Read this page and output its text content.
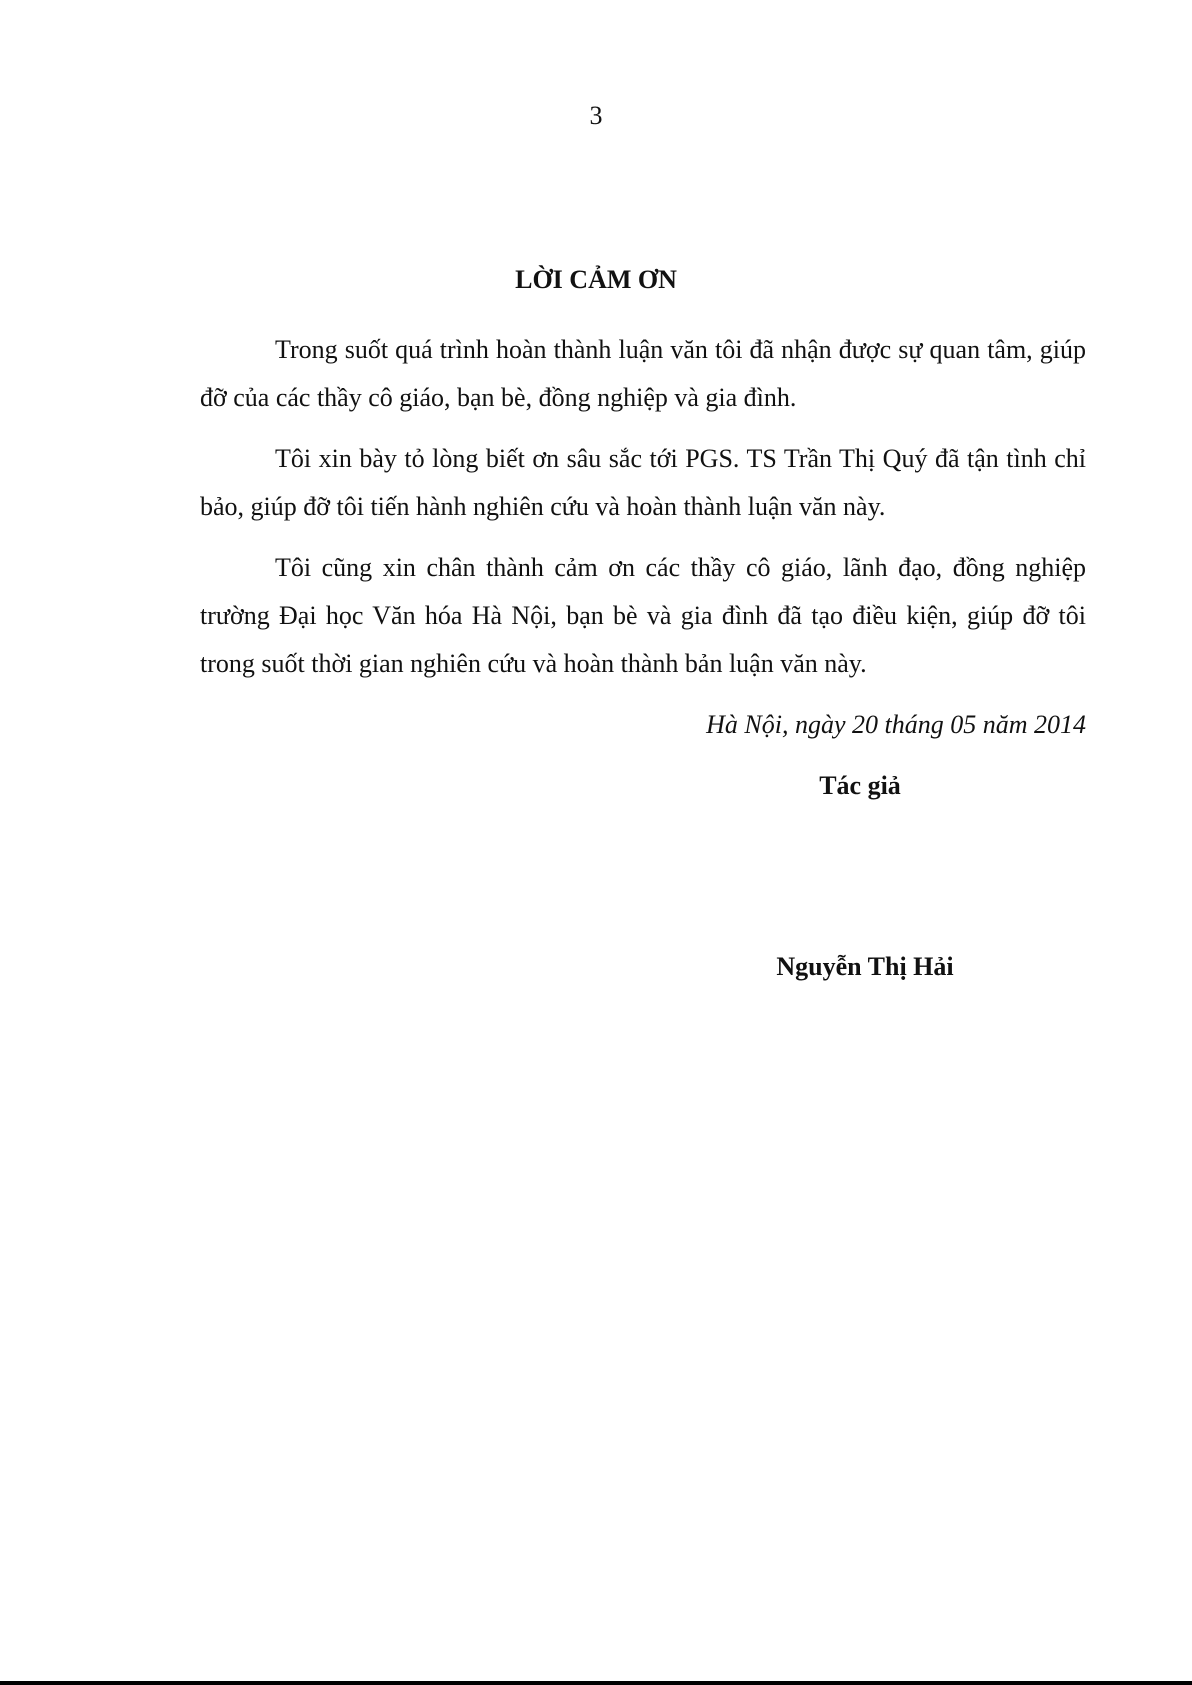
3
LỜI CẢM ƠN

Trong suốt quá trình hoàn thành luận văn tôi đã nhận được sự quan tâm, giúp đỡ của các thầy cô giáo, bạn bè, đồng nghiệp và gia đình.

Tôi xin bày tỏ lòng biết ơn sâu sắc tới PGS. TS Trần Thị Quý đã tận tình chỉ bảo, giúp đỡ tôi tiến hành nghiên cứu và hoàn thành luận văn này.

Tôi cũng xin chân thành cảm ơn các thầy cô giáo, lãnh đạo, đồng nghiệp trường Đại học Văn hóa Hà Nội, bạn bè và gia đình đã tạo điều kiện, giúp đỡ tôi trong suốt thời gian nghiên cứu và hoàn thành bản luận văn này.

Hà Nội, ngày 20 tháng 05 năm 2014
Tác giả
Nguyễn Thị Hải
